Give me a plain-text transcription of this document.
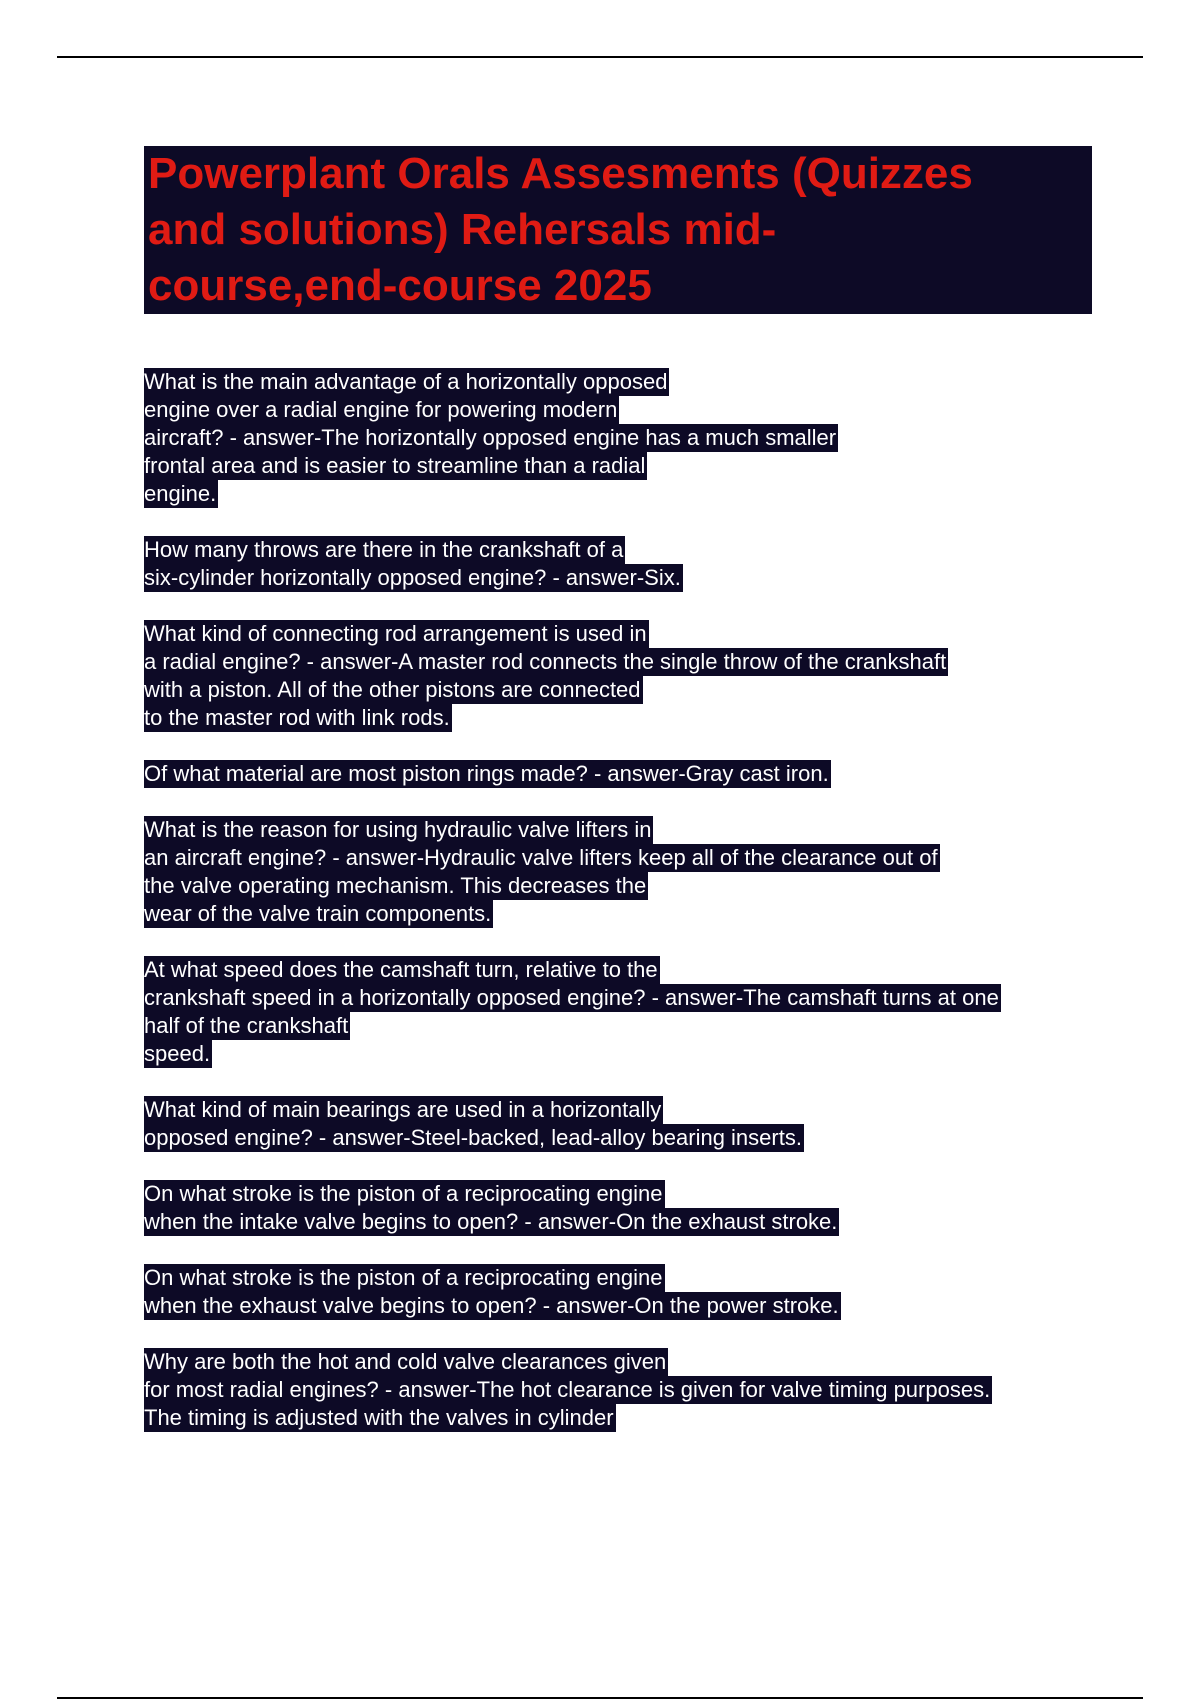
Powerplant Orals Assesments (Quizzes
and solutions) Rehersals mid-
course,end-course 2025
What is the main advantage of a horizontally opposed
engine over a radial engine for powering modern
aircraft? - answer-The horizontally opposed engine has a much smaller
frontal area and is easier to streamline than a radial
engine.
How many throws are there in the crankshaft of a
six-cylinder horizontally opposed engine? - answer-Six.
What kind of connecting rod arrangement is used in
a radial engine? - answer-A master rod connects the single throw of the crankshaft
with a piston. All of the other pistons are connected
to the master rod with link rods.
Of what material are most piston rings made? - answer-Gray cast iron.
What is the reason for using hydraulic valve lifters in
an aircraft engine? - answer-Hydraulic valve lifters keep all of the clearance out of
the valve operating mechanism. This decreases the
wear of the valve train components.
At what speed does the camshaft turn, relative to the
crankshaft speed in a horizontally opposed engine? - answer-The camshaft turns at one
half of the crankshaft
speed.
What kind of main bearings are used in a horizontally
opposed engine? - answer-Steel-backed, lead-alloy bearing inserts.
On what stroke is the piston of a reciprocating engine
when the intake valve begins to open? - answer-On the exhaust stroke.
On what stroke is the piston of a reciprocating engine
when the exhaust valve begins to open? - answer-On the power stroke.
Why are both the hot and cold valve clearances given
for most radial engines? - answer-The hot clearance is given for valve timing purposes.
The timing is adjusted with the valves in cylinder
